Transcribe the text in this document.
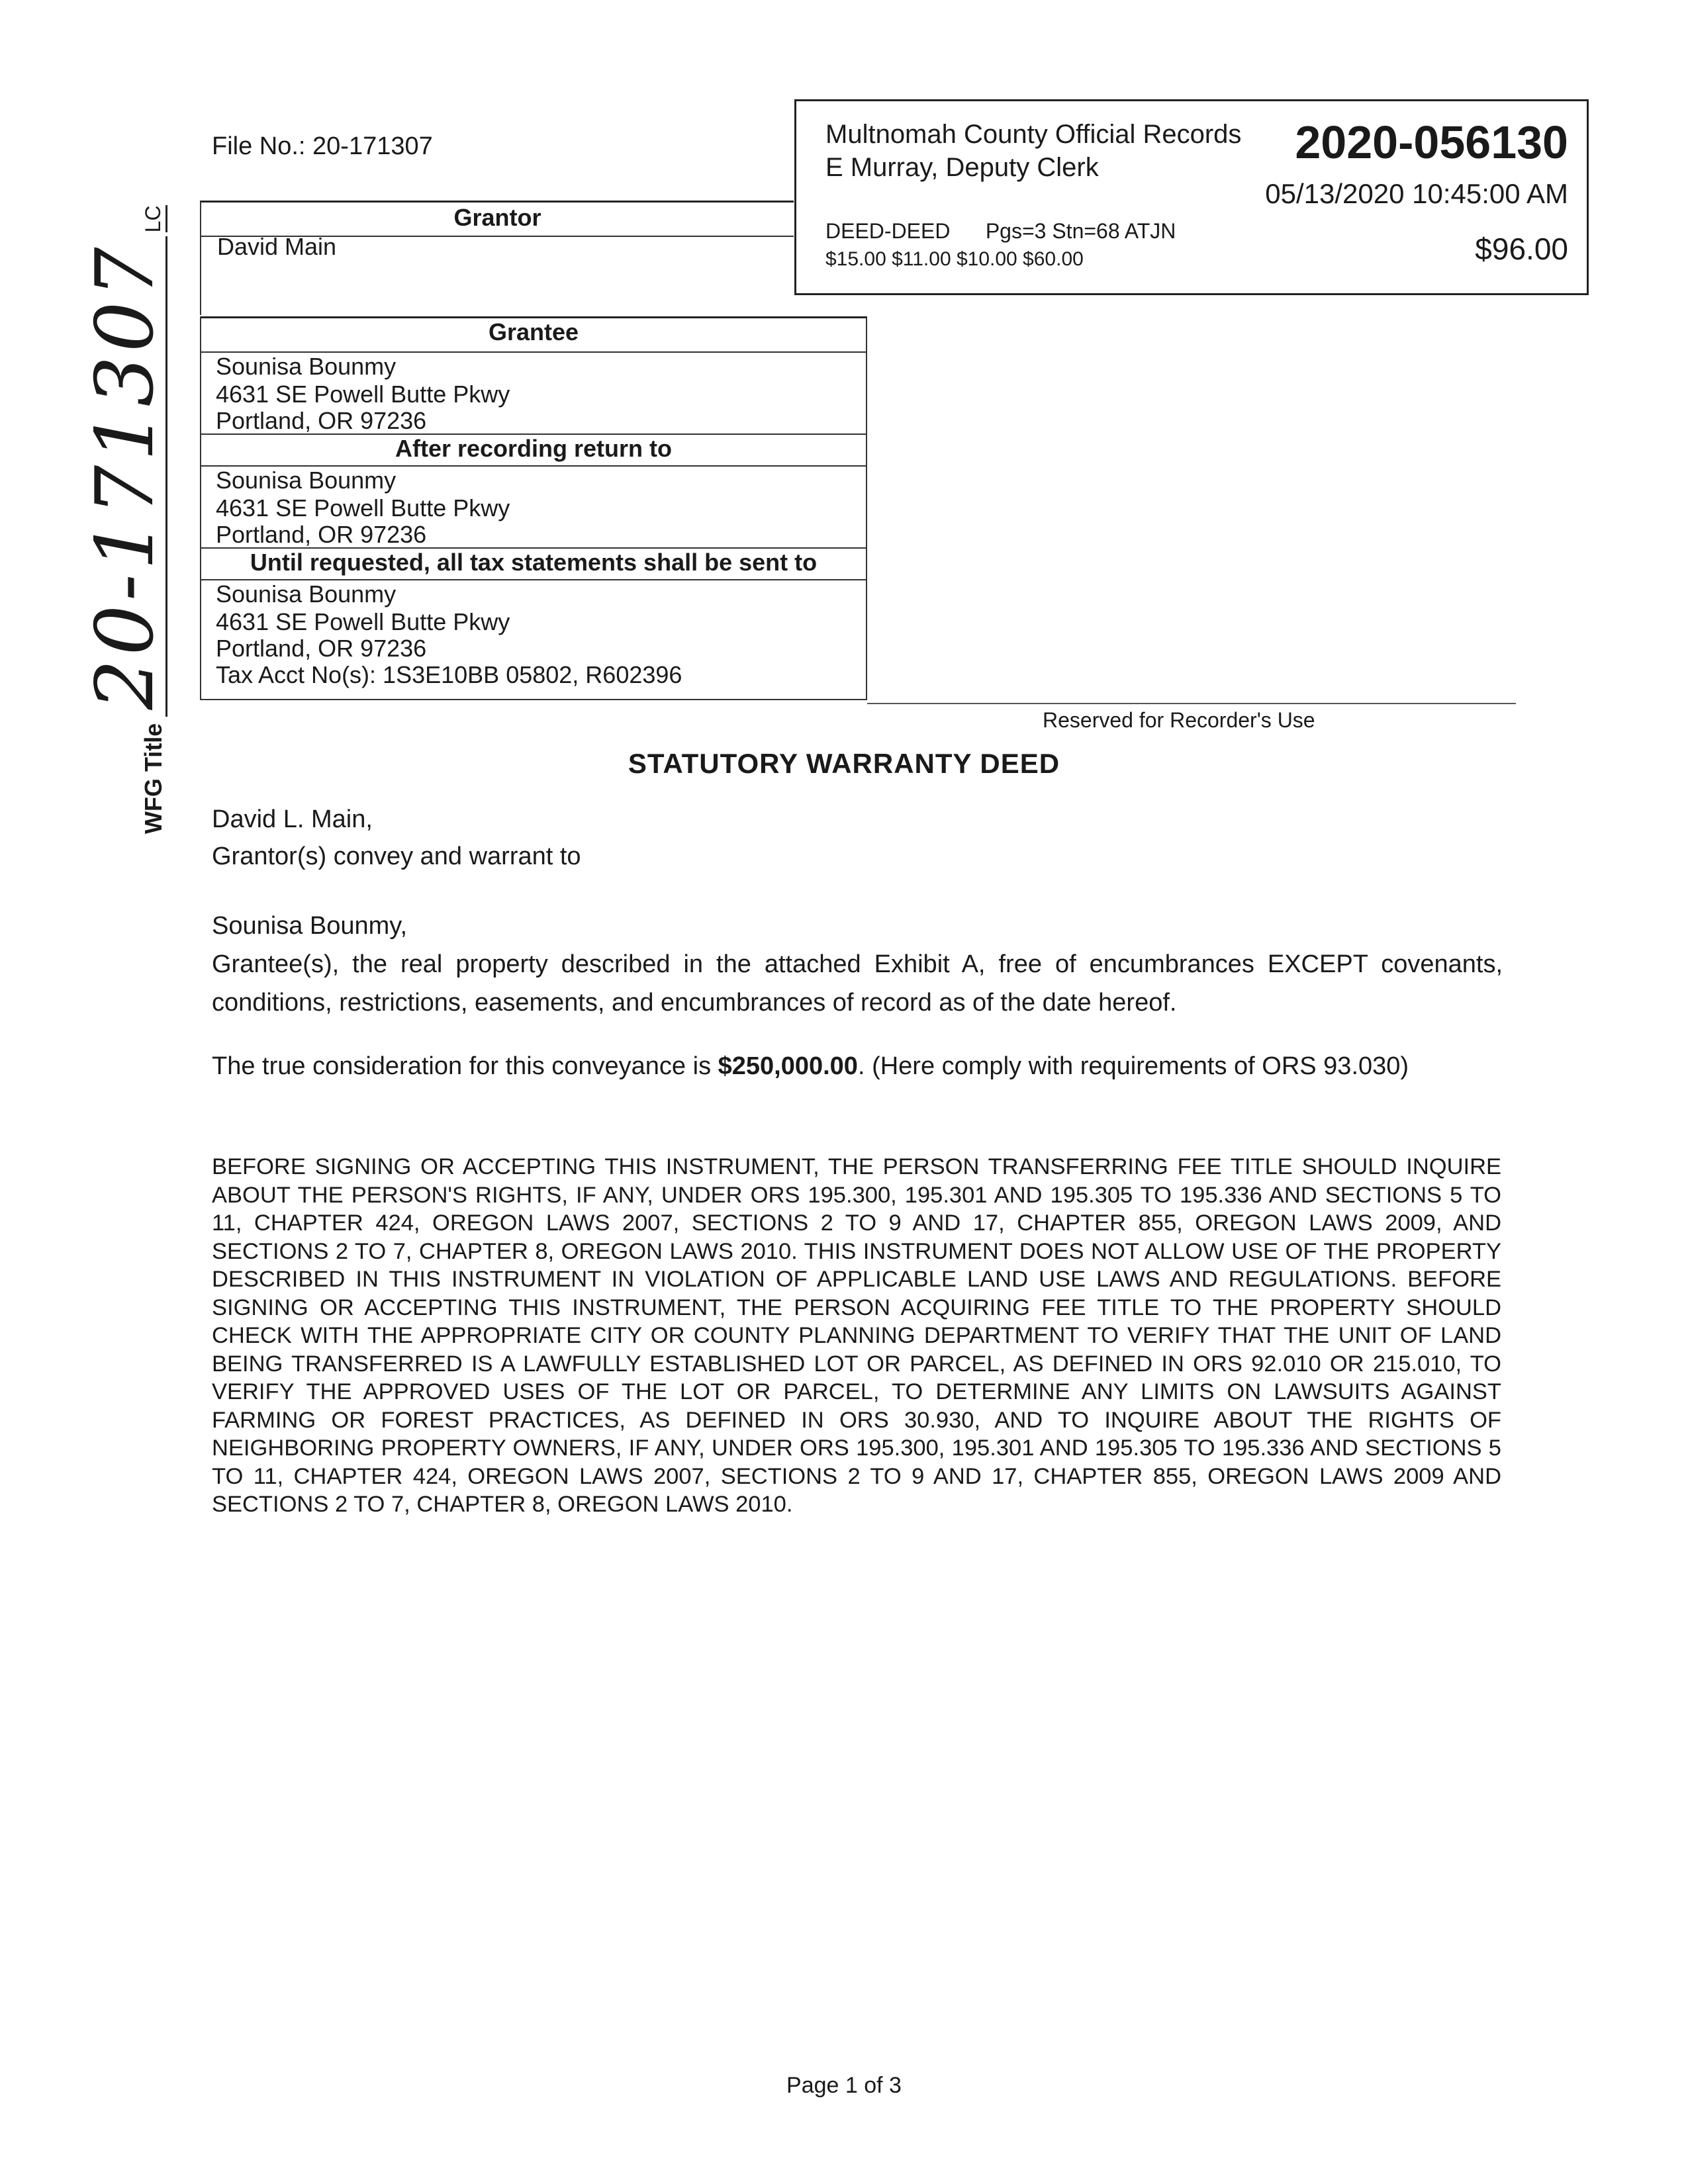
File No.: 20-171307	Multnomah County Official Records
E Murray, Deputy Clerk	2020-056130
05/13/2020 10:45:00 AM
DEED-DEED      Pgs=3 Stn=68 ATJN
$15.00 $11.00 $10.00 $60.00	$96.00
Grantor
David Main
Grantee
Sounisa Bounmy
4631 SE Powell Butte Pkwy
Portland, OR 97236
After recording return to
Sounisa Bounmy
4631 SE Powell Butte Pkwy
Portland, OR 97236
Until requested, all tax statements shall be sent to
Sounisa Bounmy
4631 SE Powell Butte Pkwy
Portland, OR 97236
Tax Acct No(s): 1S3E10BB 05802, R602396
Reserved for Recorder's Use
WFG Title
20-171307
LC
STATUTORY WARRANTY DEED
David L. Main,
Grantor(s) convey and warrant to
Sounisa Bounmy,
Grantee(s), the real property described in the attached Exhibit A, free of encumbrances EXCEPT covenants, conditions, restrictions, easements, and encumbrances of record as of the date hereof.
The true consideration for this conveyance is $250,000.00. (Here comply with requirements of ORS 93.030)
BEFORE SIGNING OR ACCEPTING THIS INSTRUMENT, THE PERSON TRANSFERRING FEE TITLE SHOULD INQUIRE ABOUT THE PERSON'S RIGHTS, IF ANY, UNDER ORS 195.300, 195.301 AND 195.305 TO 195.336 AND SECTIONS 5 TO 11, CHAPTER 424, OREGON LAWS 2007, SECTIONS 2 TO 9 AND 17, CHAPTER 855, OREGON LAWS 2009, AND SECTIONS 2 TO 7, CHAPTER 8, OREGON LAWS 2010. THIS INSTRUMENT DOES NOT ALLOW USE OF THE PROPERTY DESCRIBED IN THIS INSTRUMENT IN VIOLATION OF APPLICABLE LAND USE LAWS AND REGULATIONS. BEFORE SIGNING OR ACCEPTING THIS INSTRUMENT, THE PERSON ACQUIRING FEE TITLE TO THE PROPERTY SHOULD CHECK WITH THE APPROPRIATE CITY OR COUNTY PLANNING DEPARTMENT TO VERIFY THAT THE UNIT OF LAND BEING TRANSFERRED IS A LAWFULLY ESTABLISHED LOT OR PARCEL, AS DEFINED IN ORS 92.010 OR 215.010, TO VERIFY THE APPROVED USES OF THE LOT OR PARCEL, TO DETERMINE ANY LIMITS ON LAWSUITS AGAINST FARMING OR FOREST PRACTICES, AS DEFINED IN ORS 30.930, AND TO INQUIRE ABOUT THE RIGHTS OF NEIGHBORING PROPERTY OWNERS, IF ANY, UNDER ORS 195.300, 195.301 AND 195.305 TO 195.336 AND SECTIONS 5 TO 11, CHAPTER 424, OREGON LAWS 2007, SECTIONS 2 TO 9 AND 17, CHAPTER 855, OREGON LAWS 2009 AND SECTIONS 2 TO 7, CHAPTER 8, OREGON LAWS 2010.
Page 1 of 3
